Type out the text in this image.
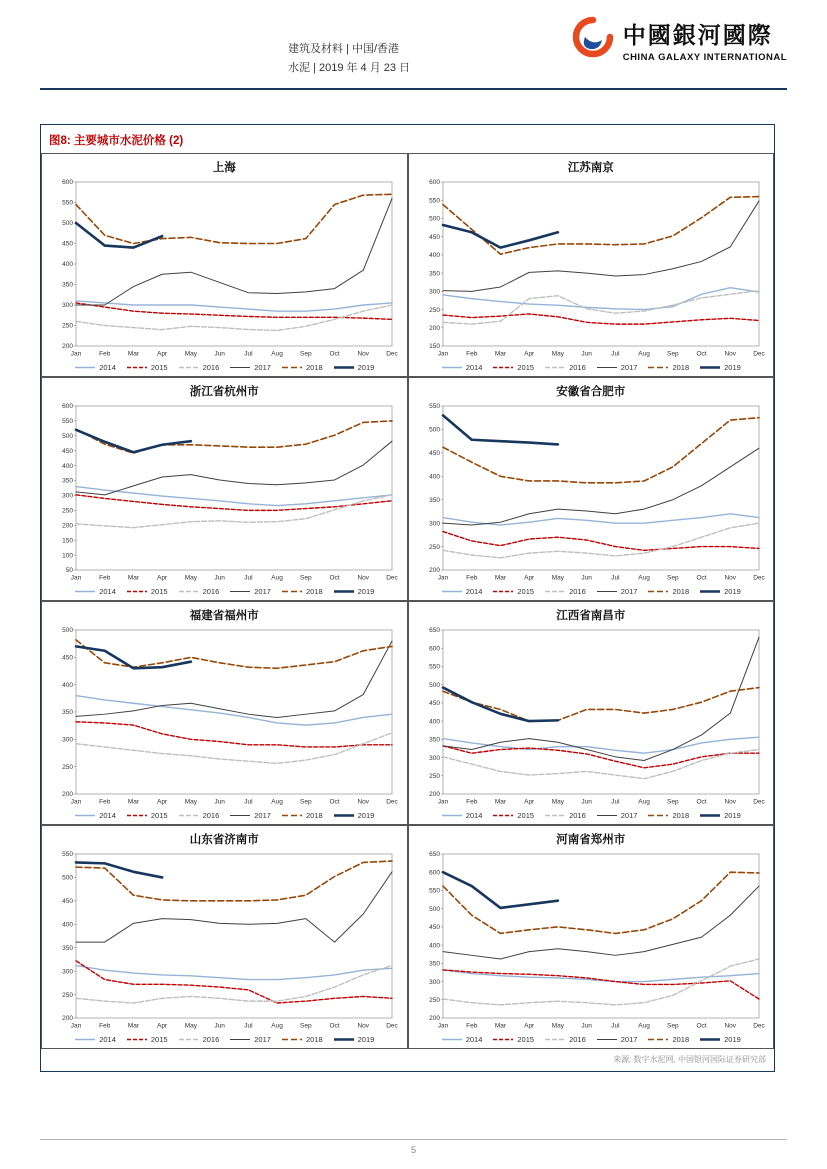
建筑及材料 | 中国/香港
水泥 | 2019 年 4 月 23 日
中國銀河國際
CHINA GALAXY INTERNATIONAL
图8: 主要城市水泥价格 (2)
上海
200
250
300
350
400
450
500
550
600
Jan	Feb	Mar	Apr	May	Jun	Jul	Aug	Sep	Oct	Nov	Dec
2014	2015	2016	2017	2018	2019
江苏南京
150
200
250
300
350
400
450
500
550
600
Jan	Feb	Mar	Apr	May	Jun	Jul	Aug	Sep	Oct	Nov	Dec
2014	2015	2016	2017	2018	2019
浙江省杭州市
50
100
150
200
250
300
350
400
450
500
550
600
Jan	Feb	Mar	Apr	May	Jun	Jul	Aug	Sep	Oct	Nov	Dec
2014	2015	2016	2017	2018	2019
安徽省合肥市
200
250
300
350
400
450
500
550
Jan	Feb	Mar	Apr	May	Jun	Jul	Aug	Sep	Oct	Nov	Dec
2014	2015	2016	2017	2018	2019
福建省福州市
200
250
300
350
400
450
500
Jan	Feb	Mar	Apr	May	Jun	Jul	Aug	Sep	Oct	Nov	Dec
2014	2015	2016	2017	2018	2019
江西省南昌市
200
250
300
350
400
450
500
550
600
650
Jan	Feb	Mar	Apr	May	Jun	Jul	Aug	Sep	Oct	Nov	Dec
2014	2015	2016	2017	2018	2019
山东省济南市
200
250
300
350
400
450
500
550
Jan	Feb	Mar	Apr	May	Jun	Jul	Aug	Sep	Oct	Nov	Dec
2014	2015	2016	2017	2018	2019
河南省郑州市
200
250
300
350
400
450
500
550
600
650
Jan	Feb	Mar	Apr	May	Jun	Jul	Aug	Sep	Oct	Nov	Dec
2014	2015	2016	2017	2018	2019
来源: 数字水泥网, 中国银河国际证券研究部
5
